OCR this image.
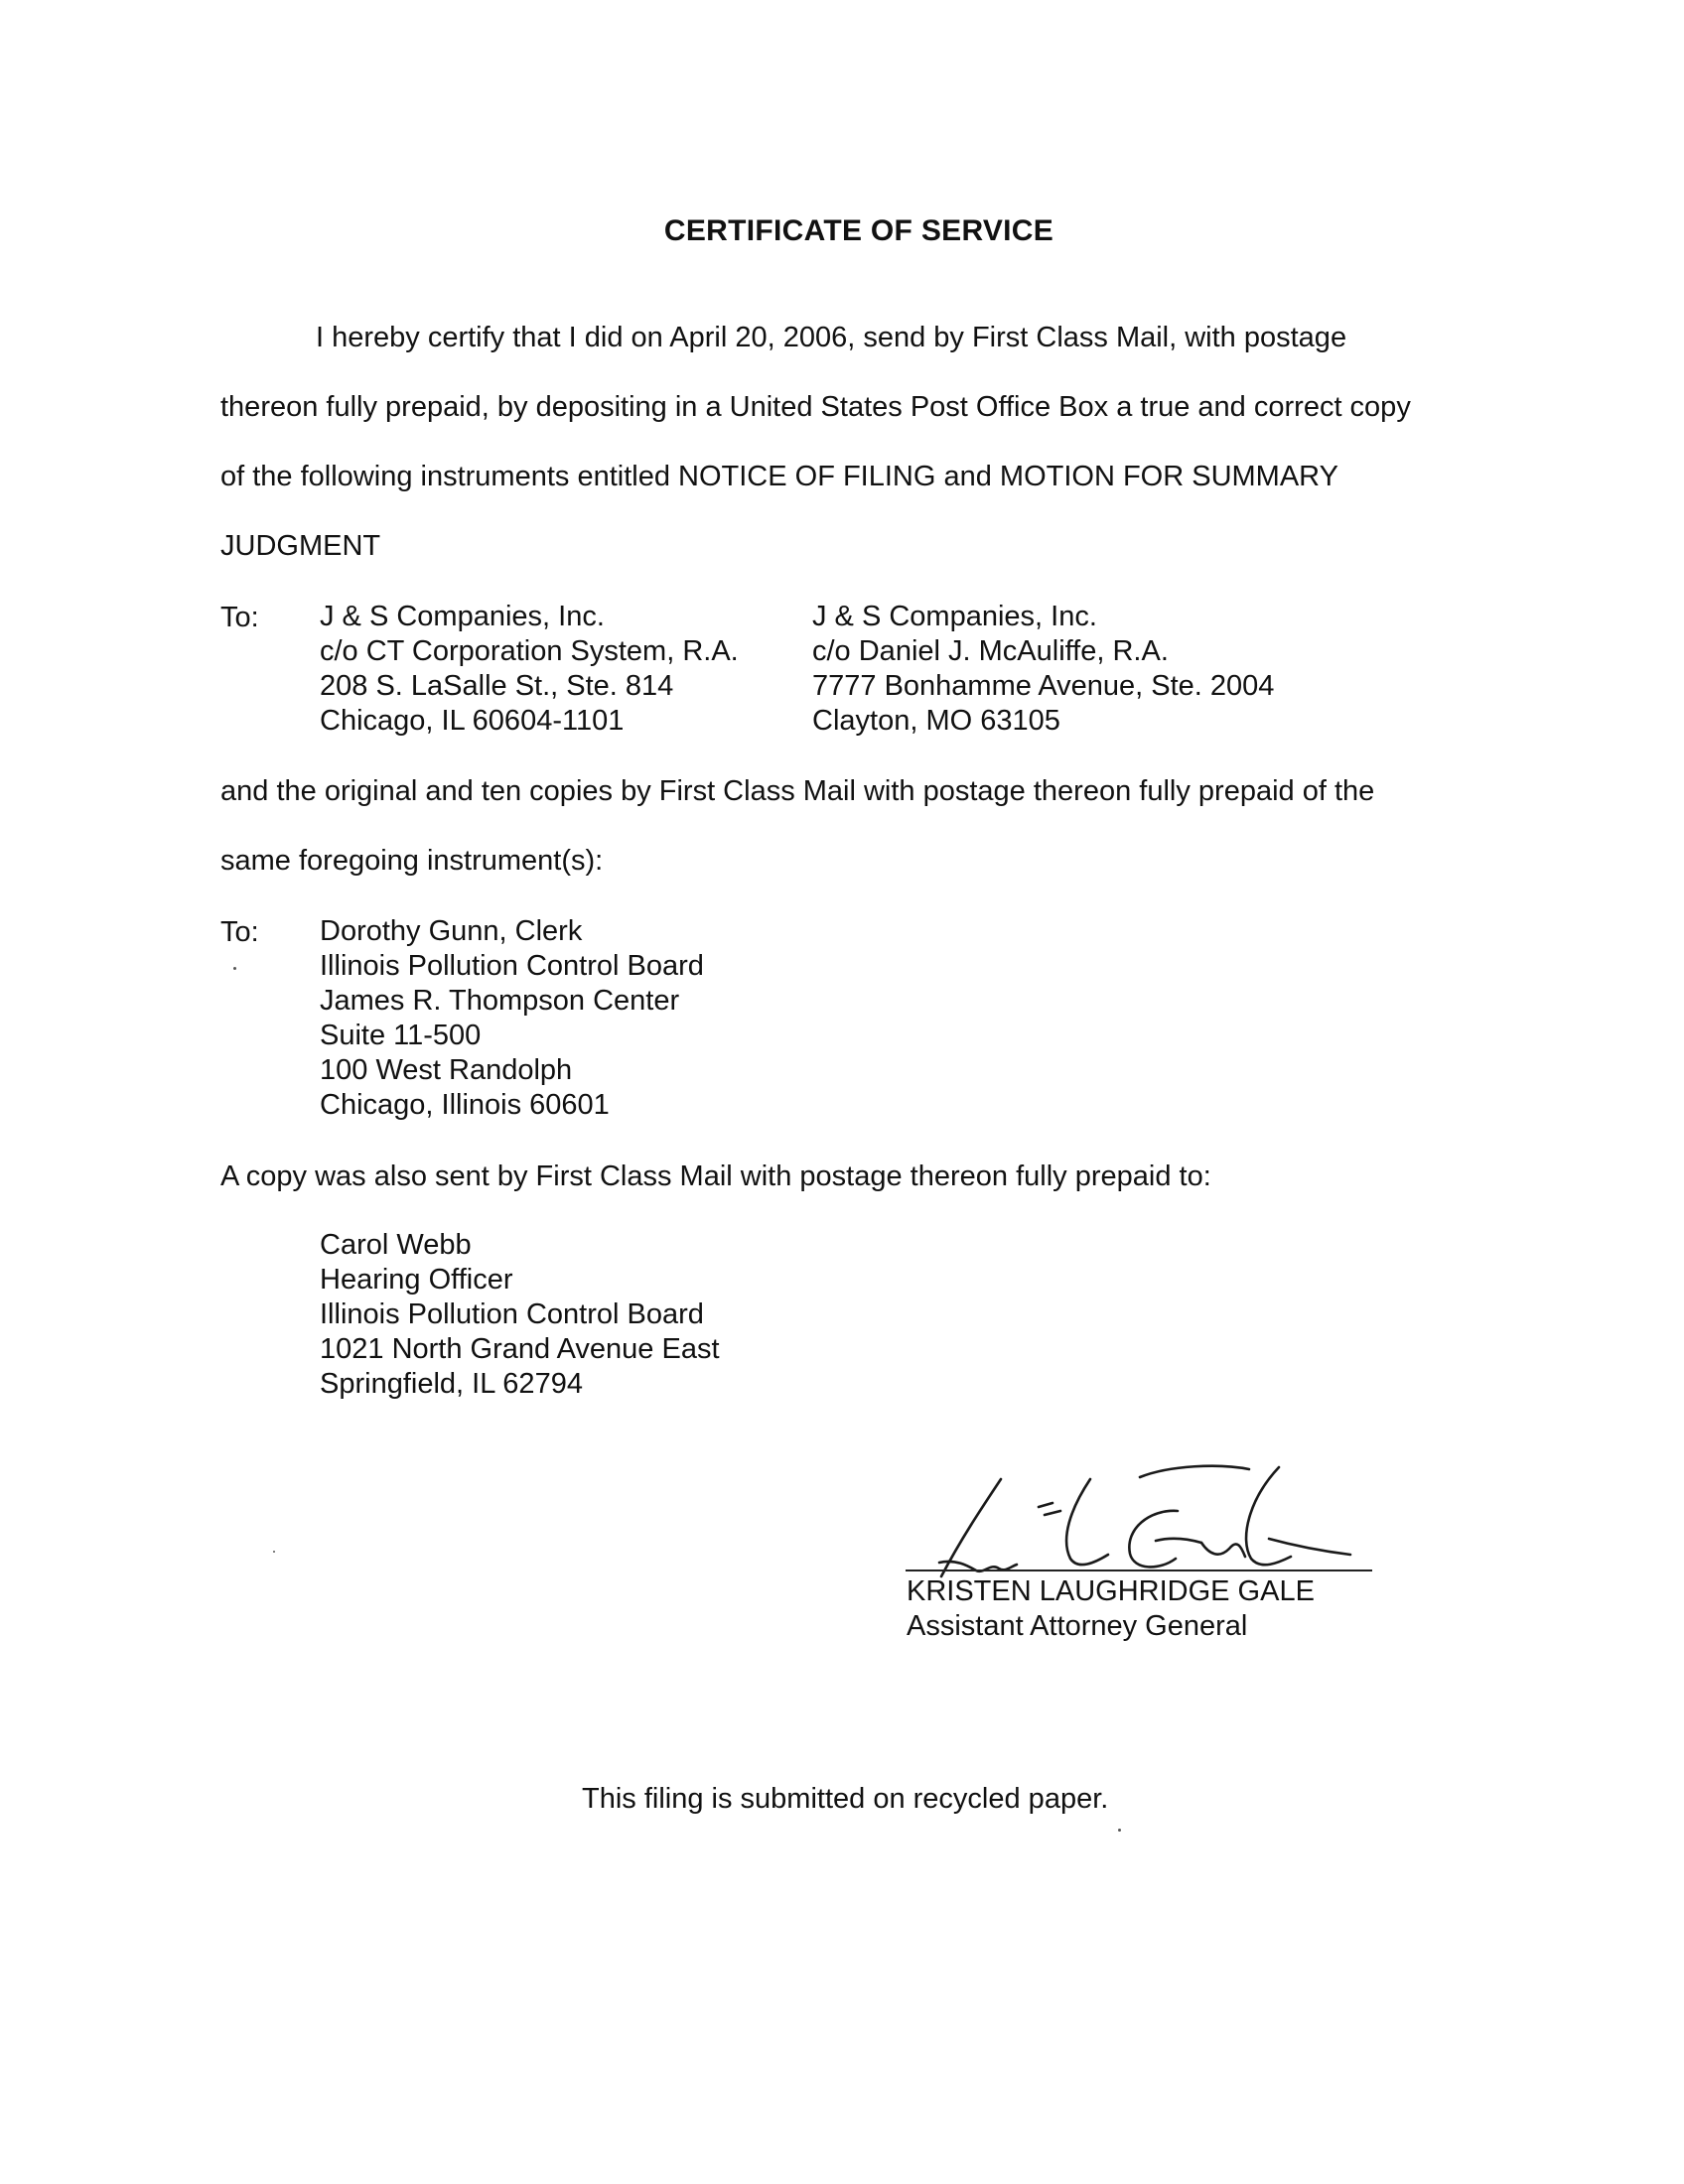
CERTIFICATE OF SERVICE
I hereby certify that I did on April 20, 2006, send by First Class Mail, with postage
thereon fully prepaid, by depositing in a United States Post Office Box a true and correct copy
of the following instruments entitled NOTICE OF FILING and MOTION FOR SUMMARY
JUDGMENT
To: J & S Companies, Inc.
c/o CT Corporation System, R.A.
208 S. LaSalle St., Ste. 814
Chicago, IL 60604-1101
J & S Companies, Inc.
c/o Daniel J. McAuliffe, R.A.
7777 Bonhamme Avenue, Ste. 2004
Clayton, MO 63105
and the original and ten copies by First Class Mail with postage thereon fully prepaid of the
same foregoing instrument(s):
To: Dorothy Gunn, Clerk
Illinois Pollution Control Board
James R. Thompson Center
Suite 11-500
100 West Randolph
Chicago, Illinois 60601
A copy was also sent by First Class Mail with postage thereon fully prepaid to:
Carol Webb
Hearing Officer
Illinois Pollution Control Board
1021 North Grand Avenue East
Springfield, IL 62794
KRISTEN LAUGHRIDGE GALE
Assistant Attorney General
This filing is submitted on recycled paper.
